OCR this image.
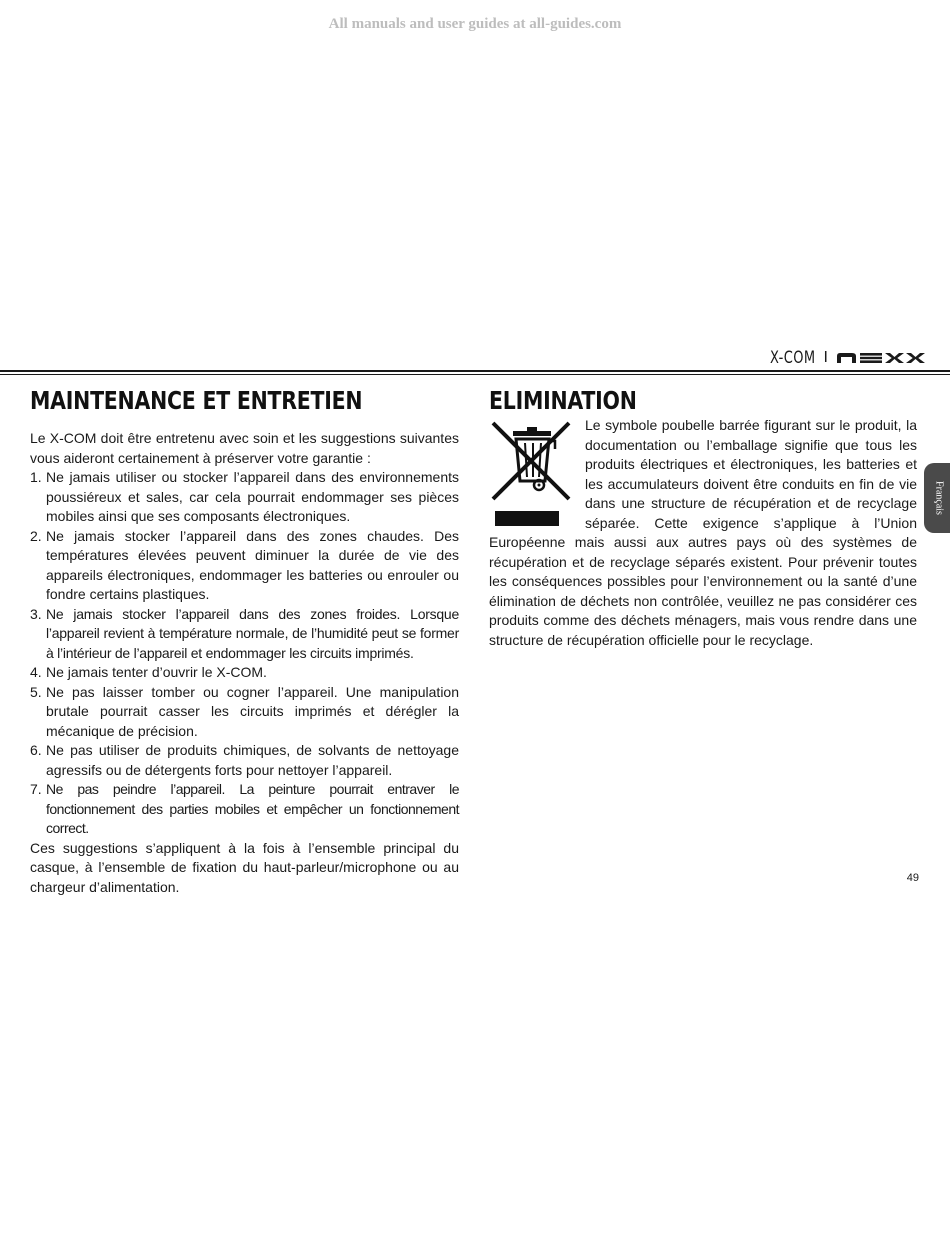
All manuals and user guides at all-guides.com
X-COM I
MAINTENANCE ET ENTRETIEN

Le X-COM doit être entretenu avec soin et les suggestions suivantes vous aideront certainement à préserver votre garantie :

1. Ne jamais utiliser ou stocker l’appareil dans des environnements poussiéreux et sales, car cela pourrait endommager ses pièces mobiles ainsi que ses composants électroniques.
2. Ne jamais stocker l’appareil dans des zones chaudes. Des températures élevées peuvent diminuer la durée de vie des appareils électroniques, endommager les batteries ou enrouler ou fondre certains plastiques.
3. Ne jamais stocker l’appareil dans des zones froides. Lorsque l’appareil revient à température normale, de l’humidité peut se former à l’intérieur de l’appareil et endommager les circuits imprimés.
4. Ne jamais tenter d’ouvrir le X-COM.
5. Ne pas laisser tomber ou cogner l’appareil. Une manipulation brutale pourrait casser les circuits imprimés et dérégler la mécanique de précision.
6. Ne pas utiliser de produits chimiques, de solvants de nettoyage agressifs ou de détergents forts pour nettoyer l’appareil.
7. Ne pas peindre l’appareil. La peinture pourrait entraver le fonctionnement des parties mobiles et empêcher un fonctionnement correct.

Ces suggestions s’appliquent à la fois à l’ensemble principal du casque, à l’ensemble de fixation du haut-parleur/microphone ou au chargeur d’alimentation.

ELIMINATION

Le symbole poubelle barrée figurant sur le produit, la documentation ou l’emballage signifie que tous les produits électriques et électroniques, les batteries et les accumulateurs doivent être conduits en fin de vie dans une structure de récupération et de recyclage séparée. Cette exigence s’applique à l’Union Européenne mais aussi aux autres pays où des systèmes de récupération et de recyclage séparés existent. Pour prévenir toutes les conséquences possibles pour l’environnement ou la santé d’une élimination de déchets non contrôlée, veuillez ne pas considérer ces produits comme des déchets ménagers, mais vous rendre dans une structure de récupération officielle pour le recyclage.

Français
49
